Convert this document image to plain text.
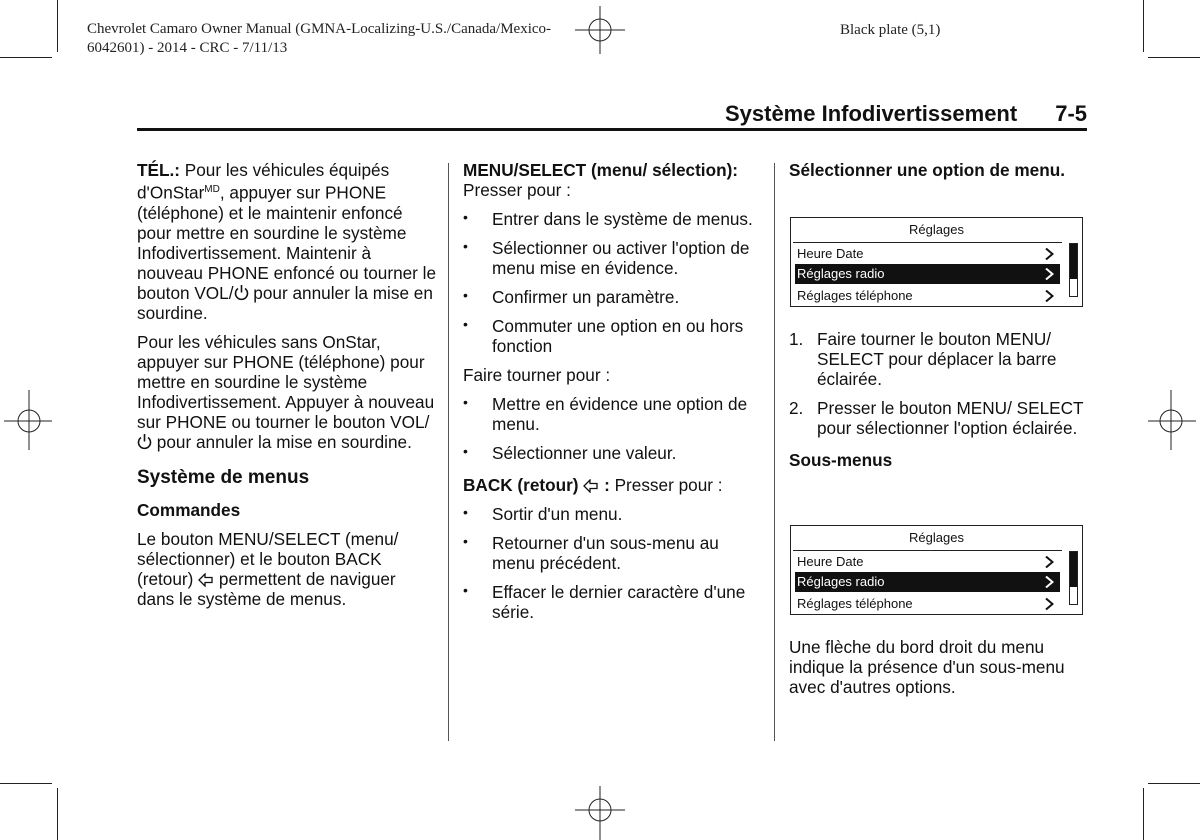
Chevrolet Camaro Owner Manual (GMNA-Localizing-U.S./Canada/Mexico-
6042601) - 2014 - CRC - 7/11/13
Black plate (5,1)
Système Infodivertissement 7-5

TÉL.: Pour les véhicules équipés d'OnStar$^{MD}$, appuyer sur PHONE (téléphone) et le maintenir enfoncé pour mettre en sourdine le système Infodivertissement. Maintenir à nouveau PHONE enfoncé ou tourner le bouton VOL/ pour annuler la mise en sourdine.

Pour les véhicules sans OnStar, appuyer sur PHONE (téléphone) pour mettre en sourdine le système Infodivertissement. Appuyer à nouveau sur PHONE ou tourner le bouton VOL/ pour annuler la mise en sourdine.

Système de menus
Commandes

Le bouton MENU/SELECT (menu/ sélectionner) et le bouton BACK (retour)  permettent de naviguer dans le système de menus.

MENU/SELECT (menu/ sélection): Presser pour :

• Entrer dans le système de menus.
• Sélectionner ou activer l'option de menu mise en évidence.
• Confirmer un paramètre.
• Commuter une option en ou hors fonction

Faire tourner pour :

• Mettre en évidence une option de menu.
• Sélectionner une valeur.

BACK (retour)  : Presser pour :

• Sortir d'un menu.
• Retourner d'un sous-menu au menu précédent.
• Effacer le dernier caractère d'une série.
Sélectionner une option de menu.
Réglages
Heure Date
Réglages radio
Réglages téléphone
1. Faire tourner le bouton MENU/ SELECT pour déplacer la barre éclairée.
2. Presser le bouton MENU/ SELECT pour sélectionner l'option éclairée.
Sous-menus
Réglages
Heure Date
Réglages radio
Réglages téléphone

Une flèche du bord droit du menu indique la présence d'un sous-menu avec d'autres options.
